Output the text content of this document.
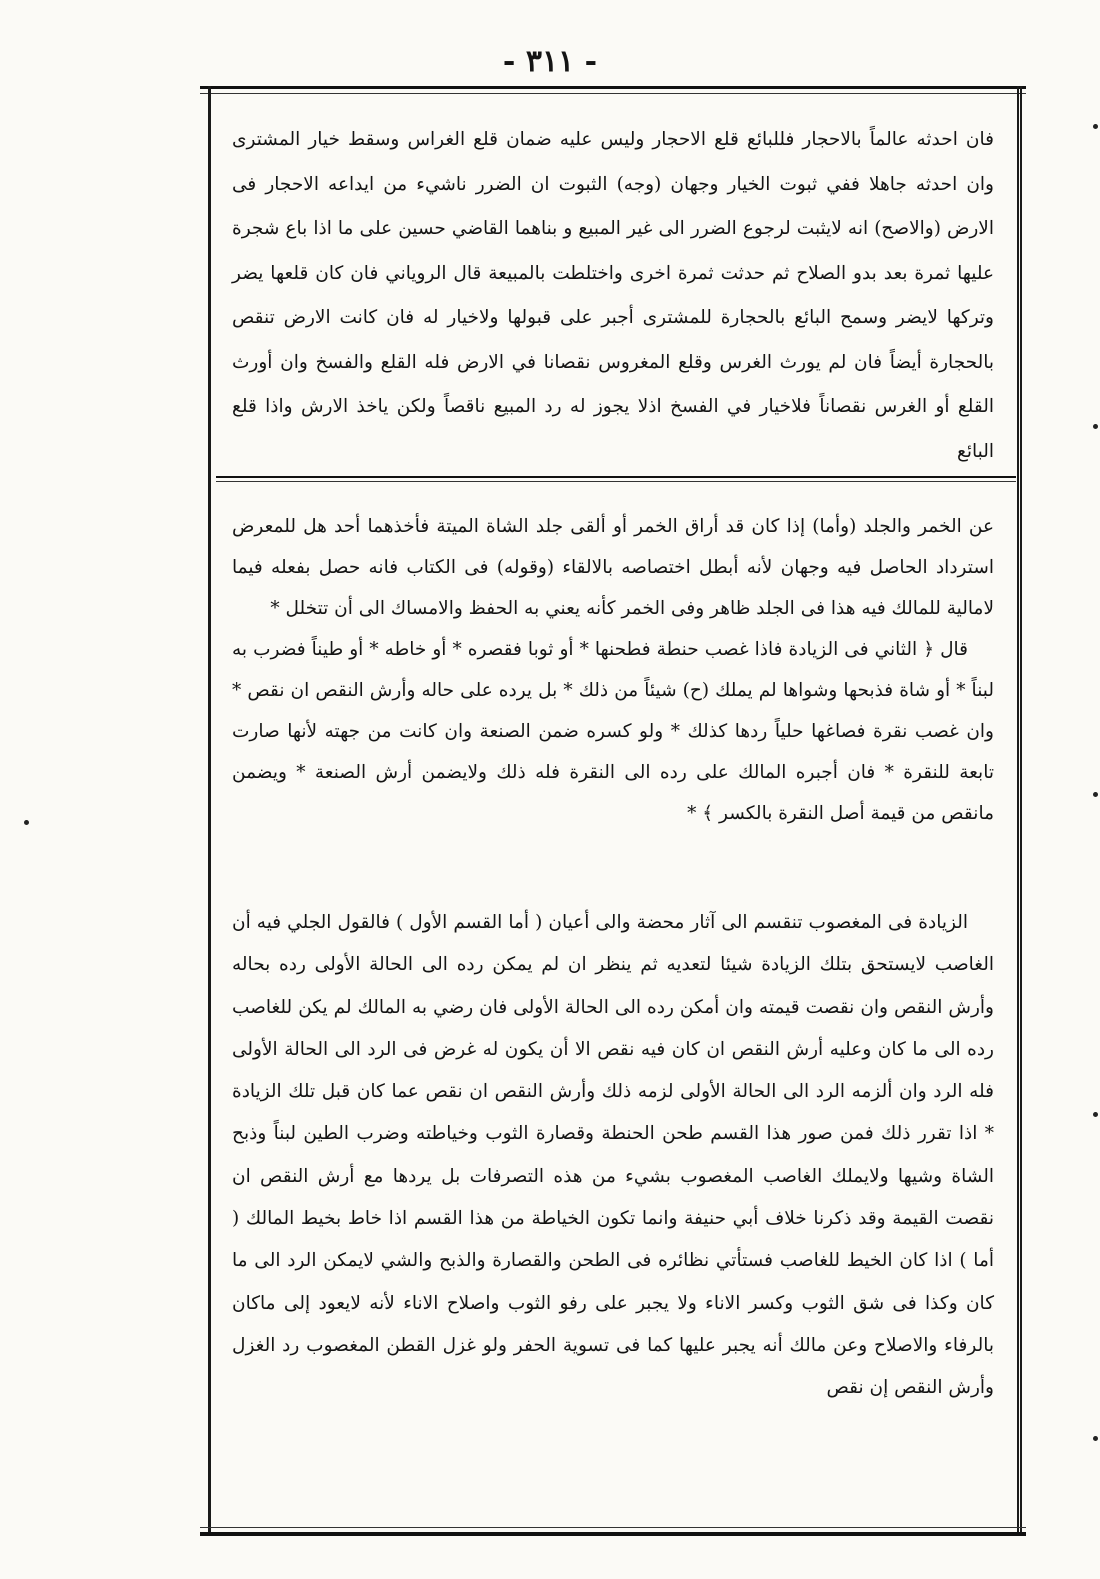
- ٣١١ -

فان احدثه عالماً بالاحجار فللبائع قلع الاحجار وليس عليه ضمان قلع الغراس وسقط خيار المشترى وان احدثه جاهلا ففي ثبوت الخيار وجهان (وجه) الثبوت ان الضرر ناشيء من ايداعه الاحجار فى الارض (والاصح) انه لايثبت لرجوع الضرر الى غير المبيع و بناهما القاضي حسين على ما اذا باع شجرة عليها ثمرة بعد بدو الصلاح ثم حدثت ثمرة اخرى واختلطت بالمبيعة قال الروياني فان كان قلعها يضر وتركها لايضر وسمح البائع بالحجارة للمشترى أجبر على قبولها ولاخيار له فان كانت الارض تنقص بالحجارة أيضاً فان لم يورث الغرس وقلع المغروس نقصانا في الارض فله القلع والفسخ وان أورث القلع أو الغرس نقصاناً فلاخيار في الفسخ اذلا يجوز له رد المبيع ناقصاً ولكن ياخذ الارش واذا قلع البائع

عن الخمر والجلد (وأما) إذا كان قد أراق الخمر أو ألقى جلد الشاة الميتة فأخذهما أحد هل للمعرض استرداد الحاصل فيه وجهان لأنه أبطل اختصاصه بالالقاء (وقوله) فى الكتاب فانه حصل بفعله فيما لامالية للمالك فيه هذا فى الجلد ظاهر وفى الخمر كأنه يعني به الحفظ والامساك الى أن تتخلل *

قال ﴿ الثاني فى الزيادة فاذا غصب حنطة فطحنها * أو ثوبا فقصره * أو خاطه * أو طيناً فضرب به لبناً * أو شاة فذبحها وشواها لم يملك (ح) شيئاً من ذلك * بل يرده على حاله وأرش النقص ان نقص * وان غصب نقرة فصاغها حلياً ردها كذلك * ولو كسره ضمن الصنعة وان كانت من جهته لأنها صارت تابعة للنقرة * فان أجبره المالك على رده الى النقرة فله ذلك ولايضمن أرش الصنعة * ويضمن مانقص من قيمة أصل النقرة بالكسر ﴾ *

الزيادة فى المغصوب تنقسم الى آثار محضة والى أعيان ( أما القسم الأول ) فالقول الجلي فيه أن الغاصب لايستحق بتلك الزيادة شيئا لتعديه ثم ينظر ان لم يمكن رده الى الحالة الأولى رده بحاله وأرش النقص وان نقصت قيمته وان أمكن رده الى الحالة الأولى فان رضي به المالك لم يكن للغاصب رده الى ما كان وعليه أرش النقص ان كان فيه نقص الا أن يكون له غرض فى الرد الى الحالة الأولى فله الرد وان ألزمه الرد الى الحالة الأولى لزمه ذلك وأرش النقص ان نقص عما كان قبل تلك الزيادة * اذا تقرر ذلك فمن صور هذا القسم طحن الحنطة وقصارة الثوب وخياطته وضرب الطين لبناً وذبح الشاة وشيها ولايملك الغاصب المغصوب بشيء من هذه التصرفات بل يردها مع أرش النقص ان نقصت القيمة وقد ذكرنا خلاف أبي حنيفة وانما تكون الخياطة من هذا القسم اذا خاط بخيط المالك ( أما ) اذا كان الخيط للغاصب فستأتي نظائره فى الطحن والقصارة والذبح والشي لايمكن الرد الى ما كان وكذا فى شق الثوب وكسر الاناء ولا يجبر على رفو الثوب واصلاح الاناء لأنه لايعود إلى ماكان بالرفاء والاصلاح وعن مالك أنه يجبر عليها كما فى تسوية الحفر ولو غزل القطن المغصوب رد الغزل وأرش النقص إن نقص
